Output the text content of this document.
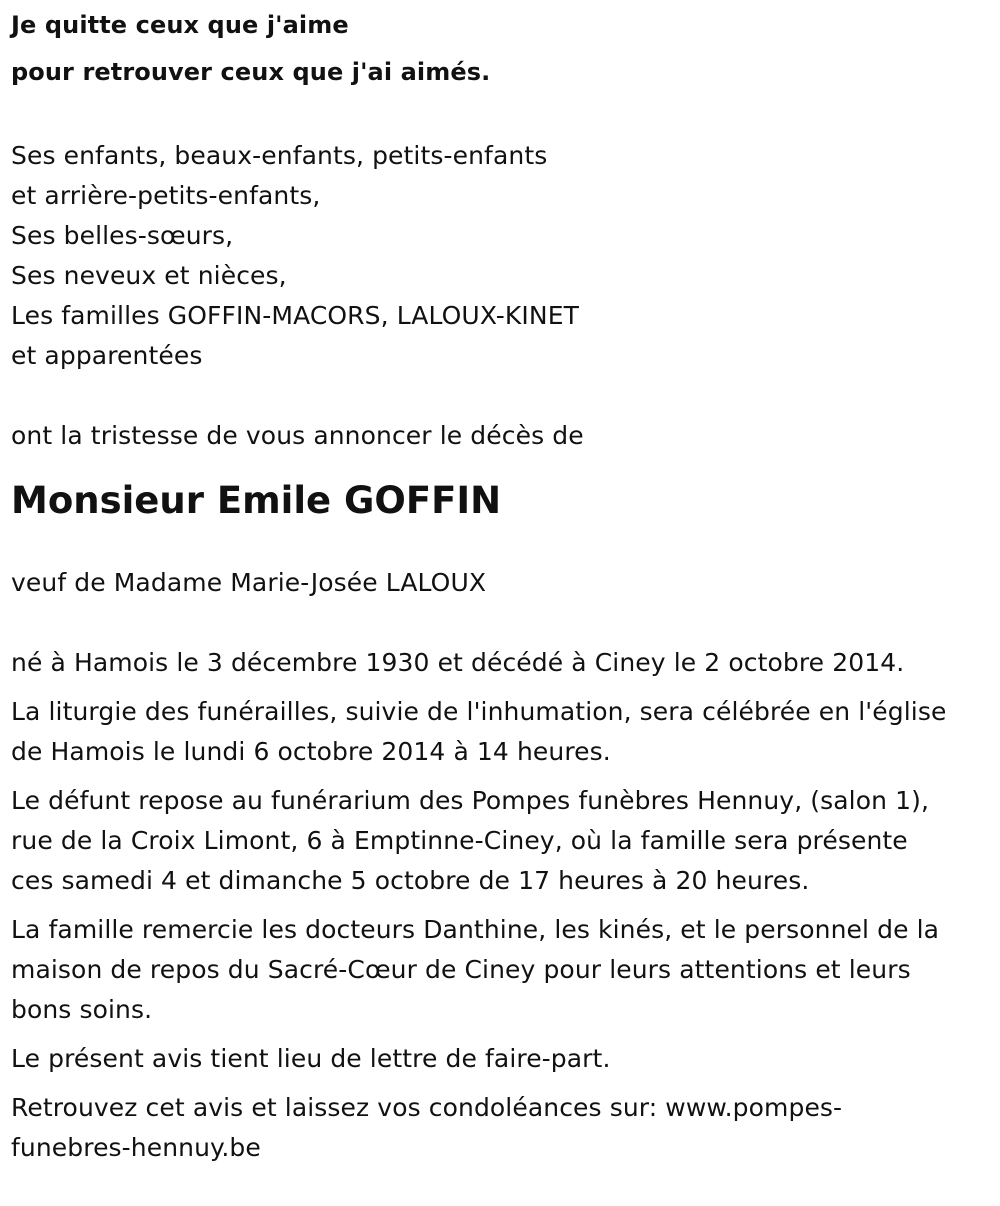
Je quitte ceux que j'aime
pour retrouver ceux que j'ai aimés.
Ses enfants, beaux-enfants, petits-enfants
et arrière-petits-enfants,
Ses belles-sœurs,
Ses neveux et nièces,
Les familles GOFFIN-MACORS, LALOUX-KINET
et apparentées
ont la tristesse de vous annoncer le décès de
Monsieur Emile GOFFIN
veuf de Madame Marie-Josée LALOUX
né à Hamois le 3 décembre 1930 et décédé à Ciney le 2 octobre 2014.
La liturgie des funérailles, suivie de l'inhumation, sera célébrée en l'église
de Hamois le lundi 6 octobre 2014 à 14 heures.
Le défunt repose au funérarium des Pompes funèbres Hennuy, (salon 1),
rue de la Croix Limont, 6 à Emptinne-Ciney, où la famille sera présente
ces samedi 4 et dimanche 5 octobre de 17 heures à 20 heures.
La famille remercie les docteurs Danthine, les kinés, et le personnel de la
maison de repos du Sacré-Cœur de Ciney pour leurs attentions et leurs
bons soins.
Le présent avis tient lieu de lettre de faire-part.
Retrouvez cet avis et laissez vos condoléances sur: www.pompes-
funebres-hennuy.be
